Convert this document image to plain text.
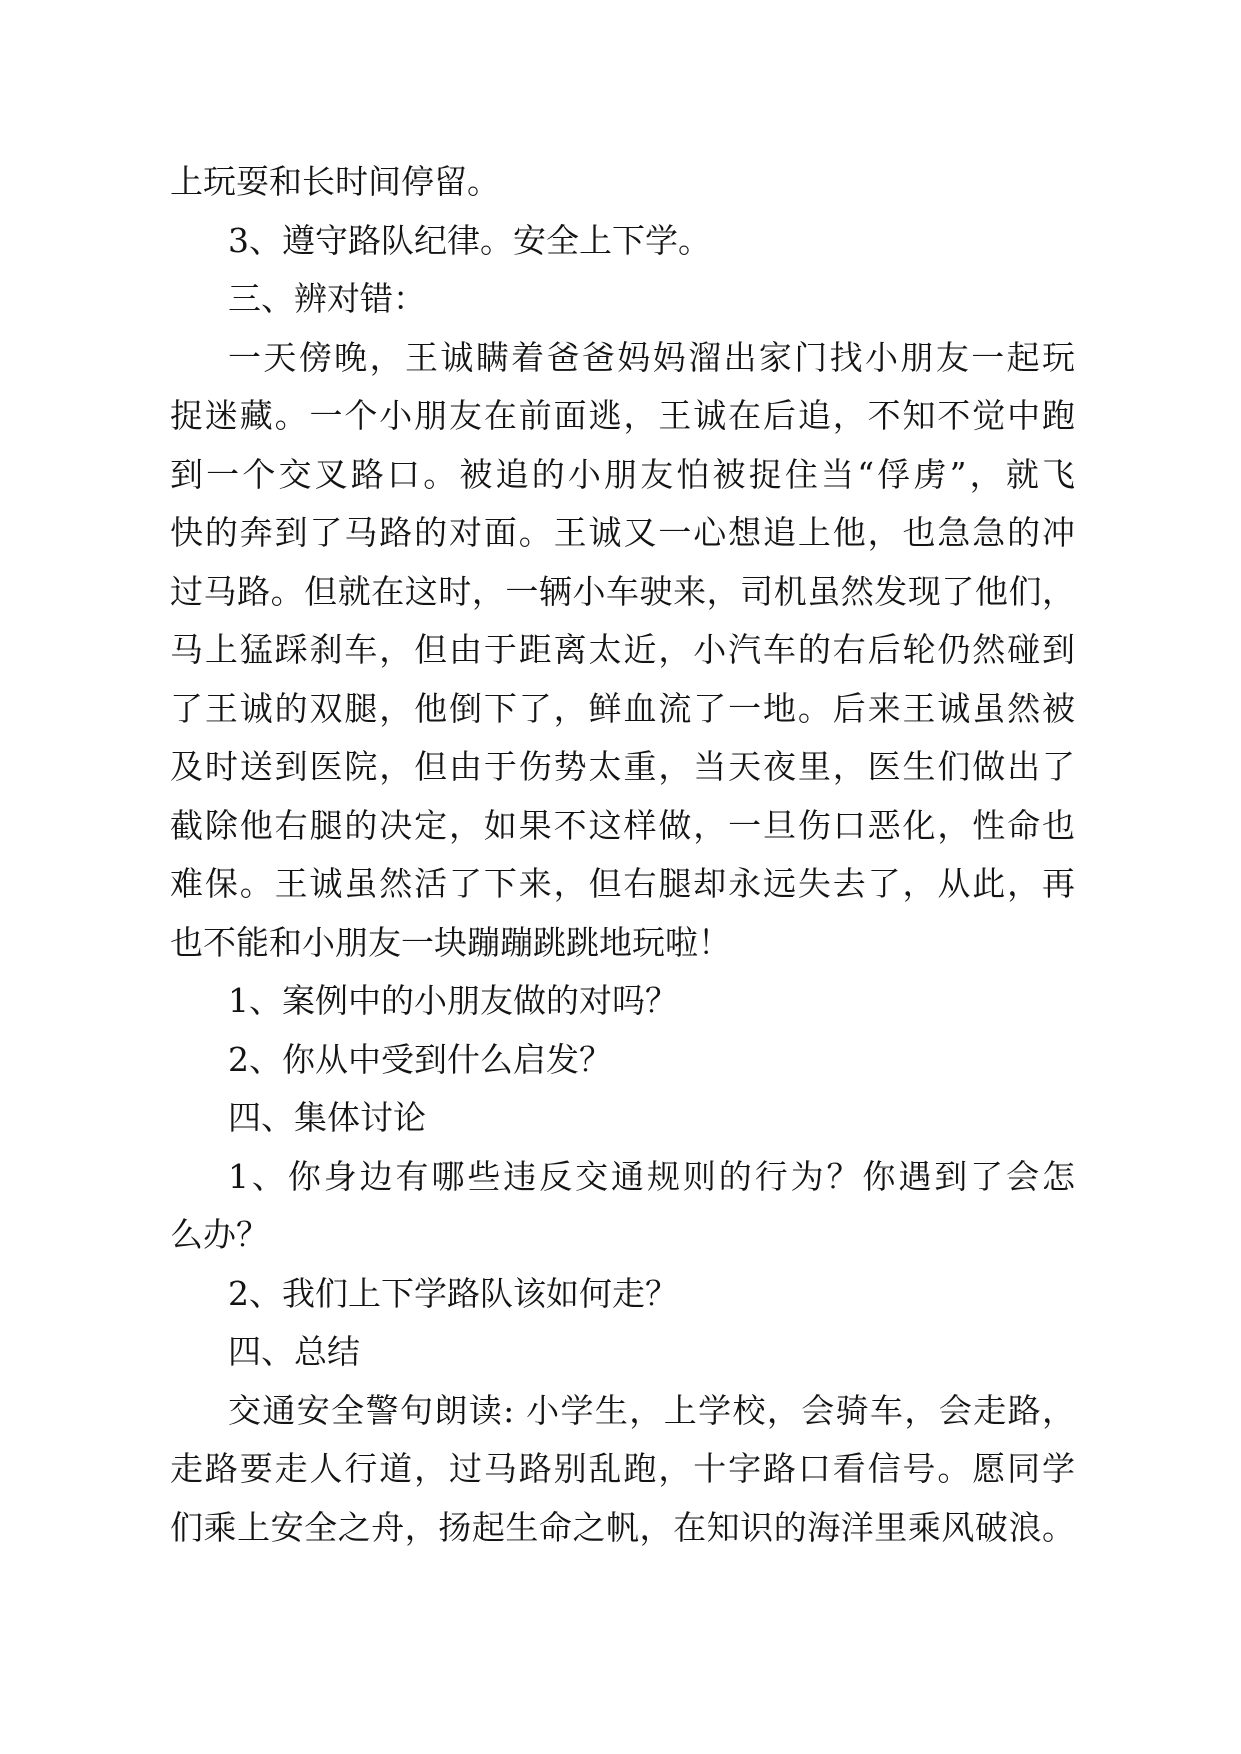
上玩耍和长时间停留。
3、遵守路队纪律。安全上下学。
三、辨对错：
一天傍晚，王诚瞒着爸爸妈妈溜出家门找小朋友一起玩
捉迷藏。一个小朋友在前面逃，王诚在后追，不知不觉中跑
到一个交叉路口。被追的小朋友怕被捉住当“俘虏”，就飞
快的奔到了马路的对面。王诚又一心想追上他，也急急的冲
过马路。但就在这时，一辆小车驶来，司机虽然发现了他们，
马上猛踩刹车，但由于距离太近，小汽车的右后轮仍然碰到
了王诚的双腿，他倒下了，鲜血流了一地。后来王诚虽然被
及时送到医院，但由于伤势太重，当天夜里，医生们做出了
截除他右腿的决定，如果不这样做，一旦伤口恶化，性命也
难保。王诚虽然活了下来，但右腿却永远失去了，从此，再
也不能和小朋友一块蹦蹦跳跳地玩啦！
1、案例中的小朋友做的对吗？
2、你从中受到什么启发？
四、集体讨论
1、你身边有哪些违反交通规则的行为？你遇到了会怎
么办？
2、我们上下学路队该如何走？
四、总结
交通安全警句朗读: 小学生，上学校，会骑车，会走路，
走路要走人行道，过马路别乱跑，十字路口看信号。愿同学
们乘上安全之舟，扬起生命之帆，在知识的海洋里乘风破浪。
